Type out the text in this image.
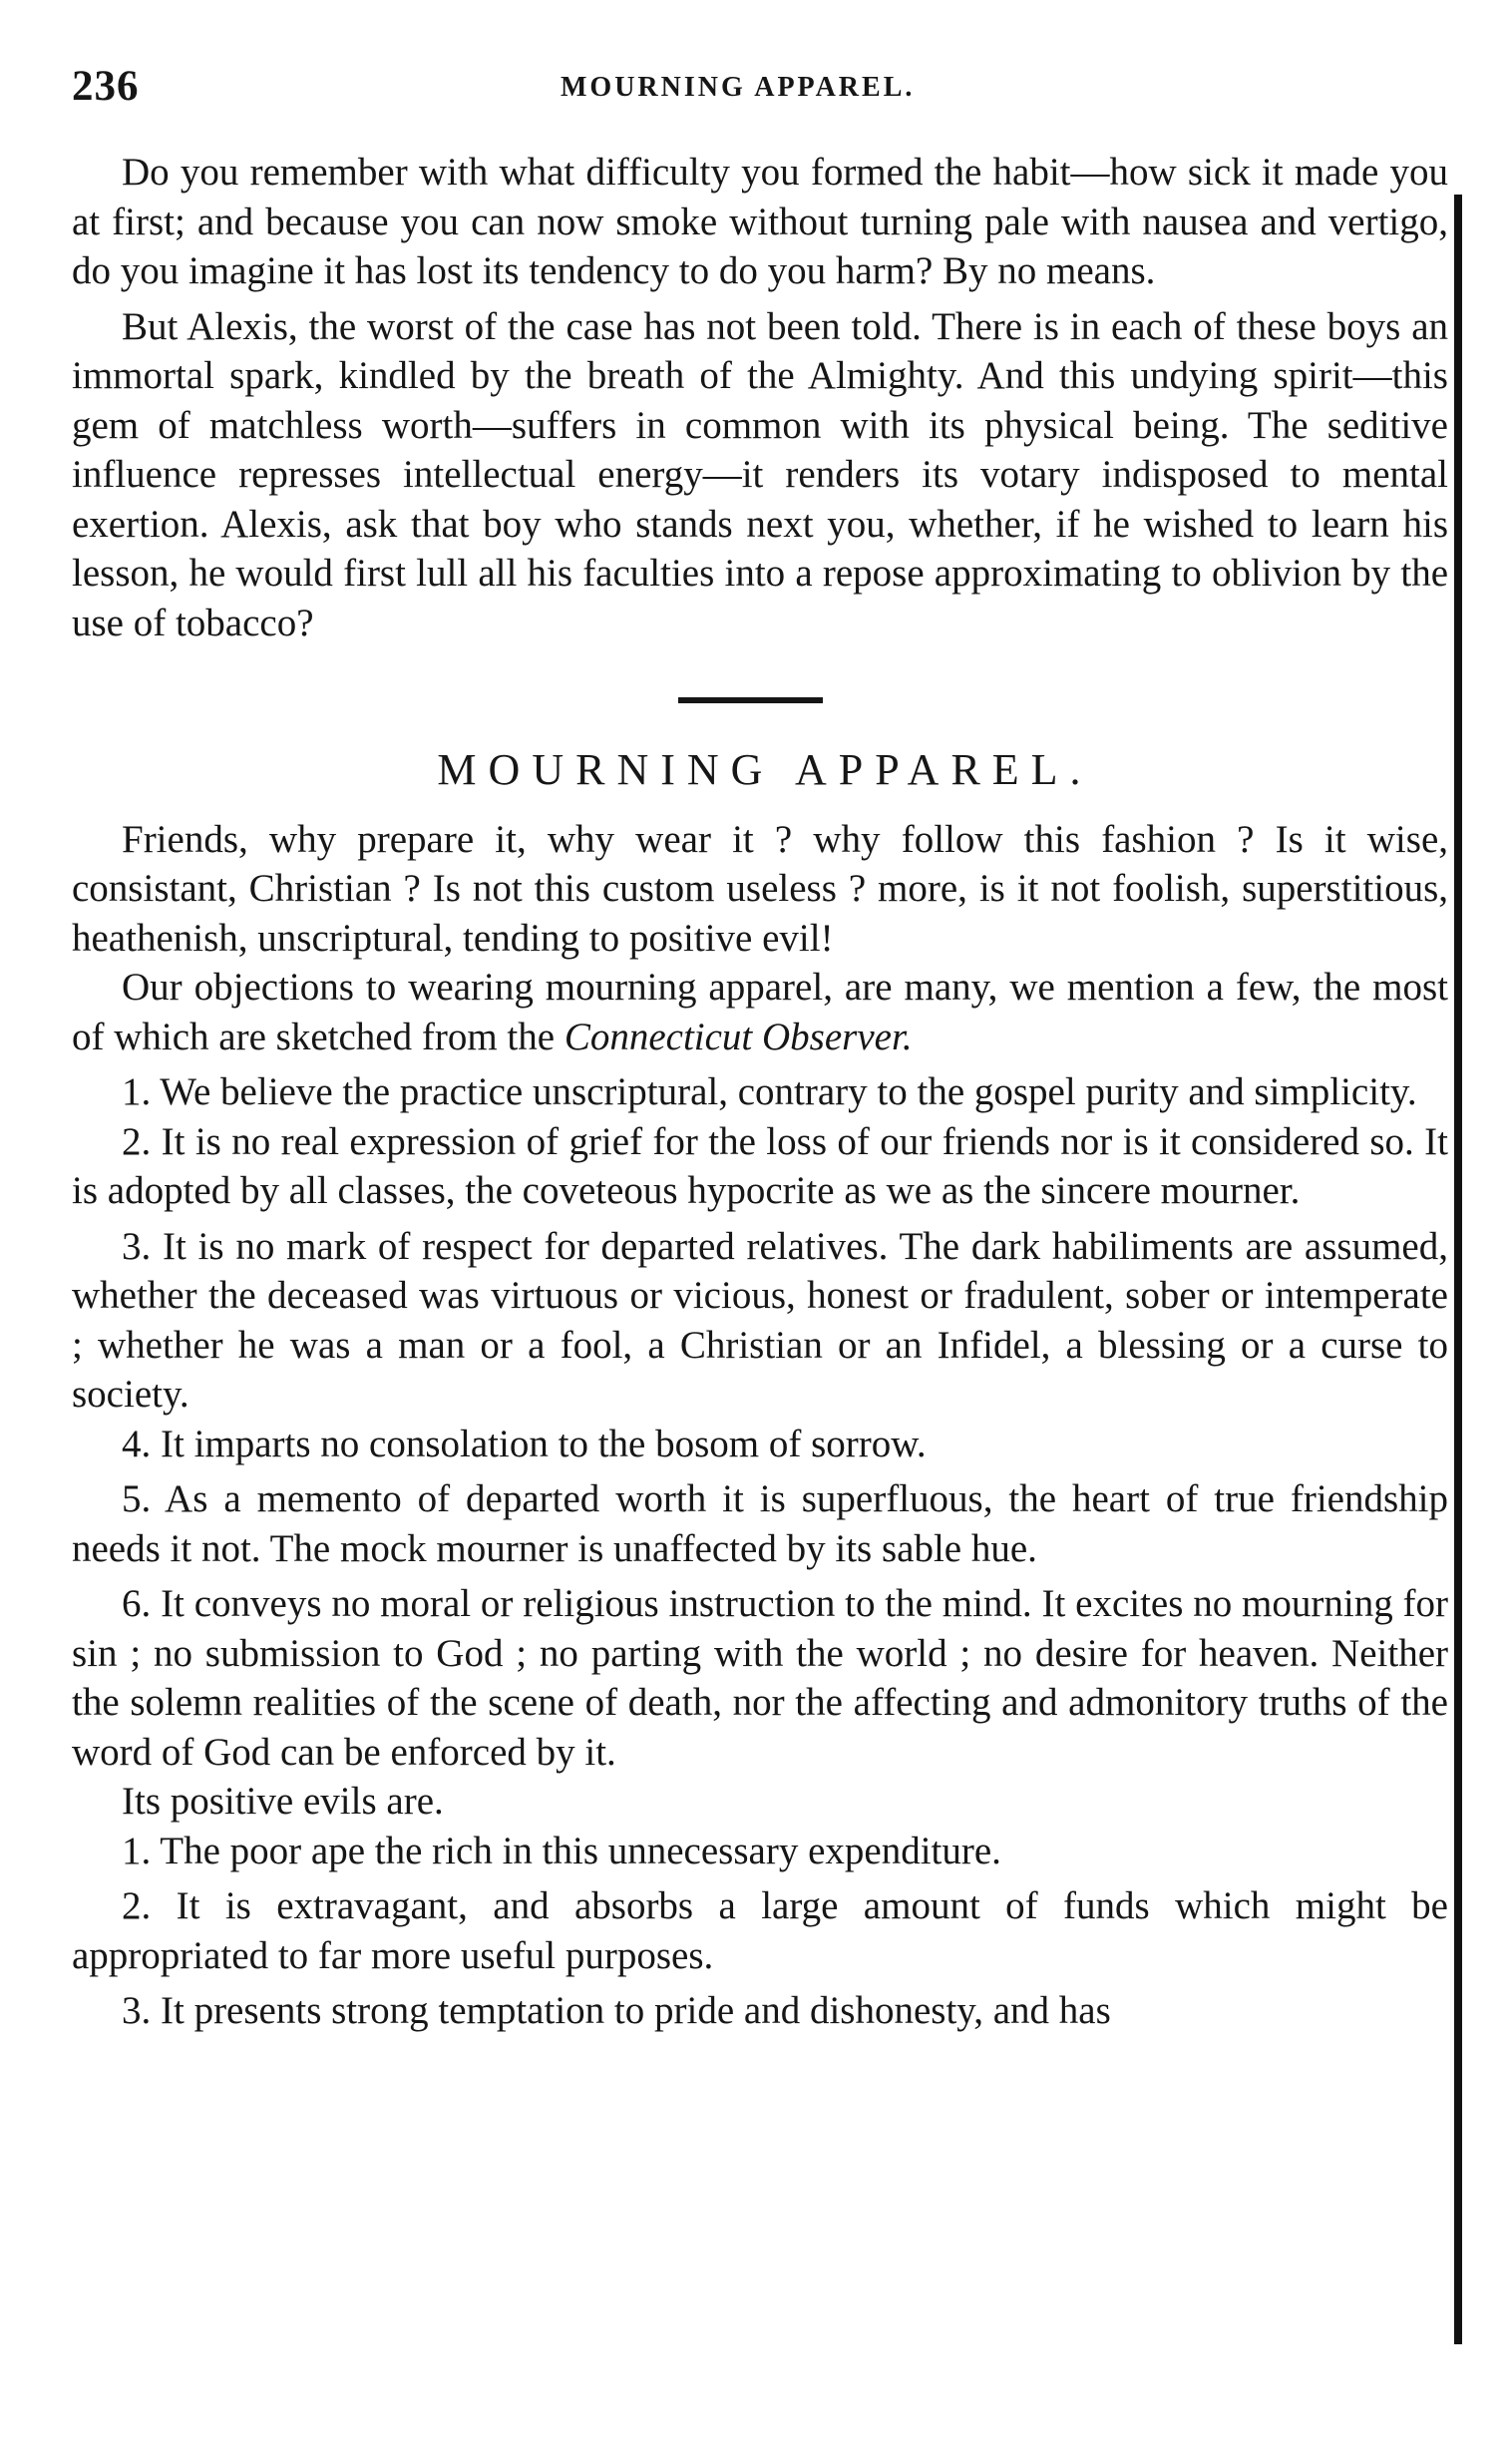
236	MOURNING APPAREL.

Do you remember with what difficulty you formed the habit—how sick it made you at first; and because you can now smoke without turning pale with nausea and vertigo, do you imagine it has lost its tendency to do you harm? By no means.

But Alexis, the worst of the case has not been told. There is in each of these boys an immortal spark, kindled by the breath of the Almighty. And this undying spirit—this gem of matchless worth—suffers in common with its physical being. The seditive influence represses intellectual energy—it renders its votary indisposed to mental exertion. Alexis, ask that boy who stands next you, whether, if he wished to learn his lesson, he would first lull all his faculties into a repose approximating to oblivion by the use of tobacco?

MOURNING APPAREL.

Friends, why prepare it, why wear it ? why follow this fashion ? Is it wise, consistant, Christian ? Is not this custom useless ? more, is it not foolish, superstitious, heathenish, unscriptural, tending to positive evil!

Our objections to wearing mourning apparel, are many, we mention a few, the most of which are sketched from the Connecticut Observer.

1. We believe the practice unscriptural, contrary to the gospel purity and simplicity.

2. It is no real expression of grief for the loss of our friends nor is it considered so. It is adopted by all classes, the coveteous hypocrite as we as the sincere mourner.

3. It is no mark of respect for departed relatives. The dark habiliments are assumed, whether the deceased was virtuous or vicious, honest or fradulent, sober or intemperate ; whether he was a man or a fool, a Christian or an Infidel, a blessing or a curse to society.

4. It imparts no consolation to the bosom of sorrow.

5. As a memento of departed worth it is superfluous, the heart of true friendship needs it not. The mock mourner is unaffected by its sable hue.

6. It conveys no moral or religious instruction to the mind. It excites no mourning for sin ; no submission to God ; no parting with the world ; no desire for heaven. Neither the solemn realities of the scene of death, nor the affecting and admonitory truths of the word of God can be enforced by it.

Its positive evils are.

1. The poor ape the rich in this unnecessary expenditure.

2. It is extravagant, and absorbs a large amount of funds which might be appropriated to far more useful purposes.

3. It presents strong temptation to pride and dishonesty, and has
